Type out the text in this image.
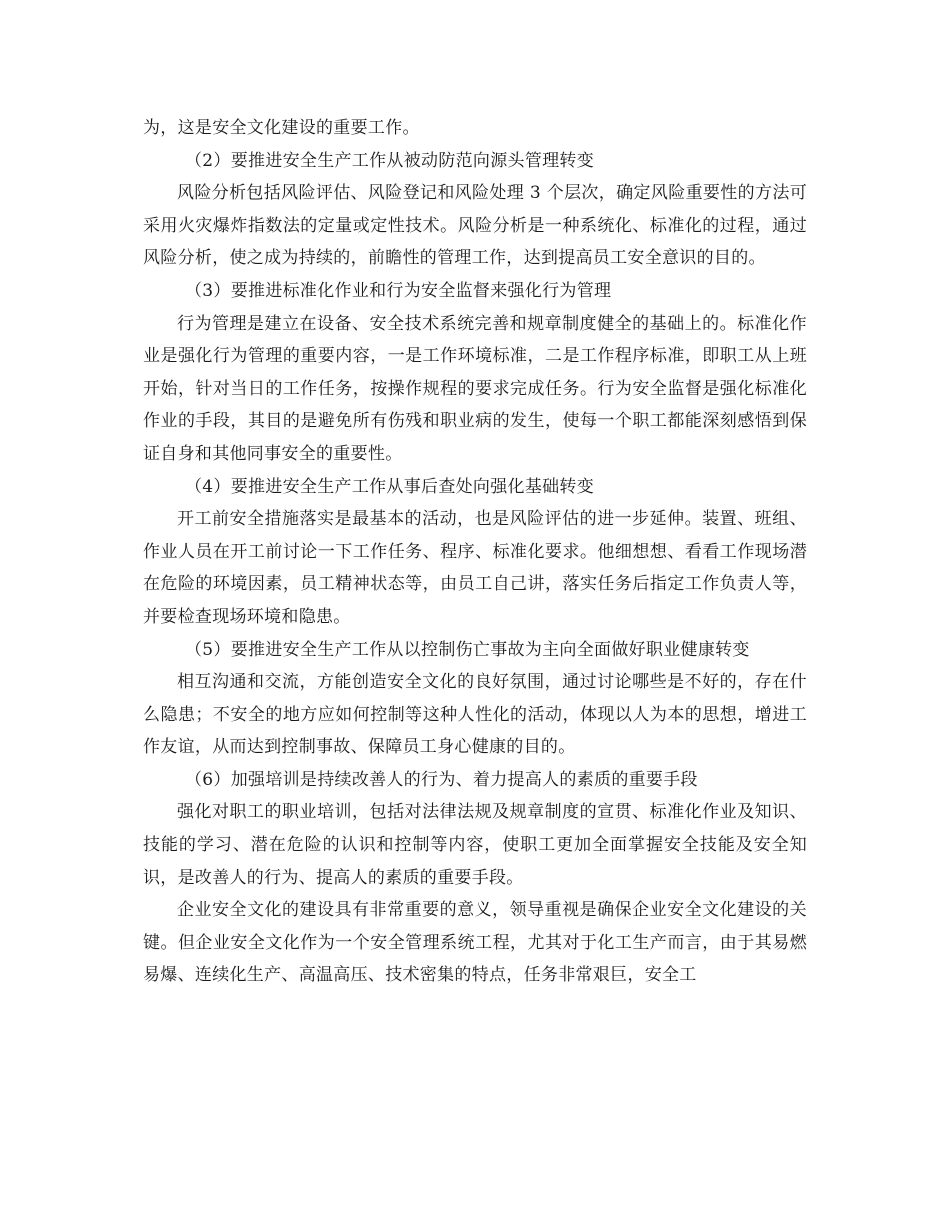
为，这是安全文化建设的重要工作。

（2）要推进安全生产工作从被动防范向源头管理转变

风险分析包括风险评估、风险登记和风险处理 3 个层次，确定风险重要性的方法可采用火灾爆炸指数法的定量或定性技术。风险分析是一种系统化、标准化的过程，通过风险分析，使之成为持续的，前瞻性的管理工作，达到提高员工安全意识的目的。

（3）要推进标准化作业和行为安全监督来强化行为管理

行为管理是建立在设备、安全技术系统完善和规章制度健全的基础上的。标准化作业是强化行为管理的重要内容，一是工作环境标准，二是工作程序标准，即职工从上班开始，针对当日的工作任务，按操作规程的要求完成任务。行为安全监督是强化标准化作业的手段，其目的是避免所有伤残和职业病的发生，使每一个职工都能深刻感悟到保证自身和其他同事安全的重要性。

（4）要推进安全生产工作从事后查处向强化基础转变

开工前安全措施落实是最基本的活动，也是风险评估的进一步延伸。装置、班组、作业人员在开工前讨论一下工作任务、程序、标准化要求。他细想想、看看工作现场潜在危险的环境因素，员工精神状态等，由员工自己讲，落实任务后指定工作负责人等，并要检查现场环境和隐患。

（5）要推进安全生产工作从以控制伤亡事故为主向全面做好职业健康转变

相互沟通和交流，方能创造安全文化的良好氛围，通过讨论哪些是不好的，存在什么隐患；不安全的地方应如何控制等这种人性化的活动，体现以人为本的思想，增进工作友谊，从而达到控制事故、保障员工身心健康的目的。

（6）加强培训是持续改善人的行为、着力提高人的素质的重要手段

强化对职工的职业培训，包括对法律法规及规章制度的宣贯、标准化作业及知识、技能的学习、潜在危险的认识和控制等内容，使职工更加全面掌握安全技能及安全知识，是改善人的行为、提高人的素质的重要手段。

企业安全文化的建设具有非常重要的意义，领导重视是确保企业安全文化建设的关键。但企业安全文化作为一个安全管理系统工程，尤其对于化工生产而言，由于其易燃易爆、连续化生产、高温高压、技术密集的特点，任务非常艰巨，安全工
